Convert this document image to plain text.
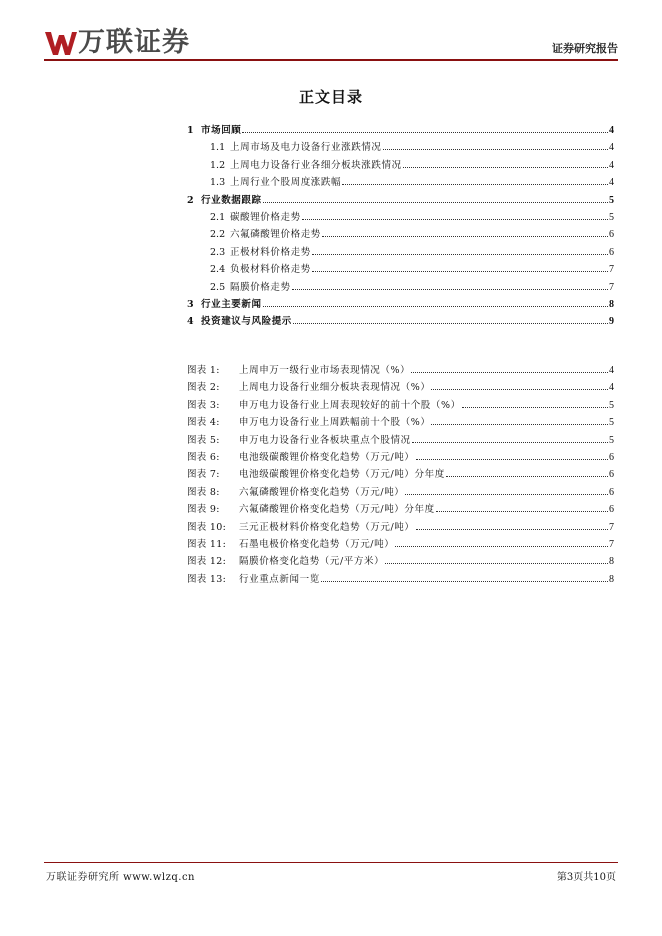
万联证券	证券研究报告
正文目录
1 市场回顾	4
1.1 上周市场及电力设备行业涨跌情况	4
1.2 上周电力设备行业各细分板块涨跌情况	4
1.3 上周行业个股周度涨跌幅	4
2 行业数据跟踪	5
2.1 碳酸锂价格走势	5
2.2 六氟磷酸锂价格走势	6
2.3 正极材料价格走势	6
2.4 负极材料价格走势	7
2.5 隔膜价格走势	7
3 行业主要新闻	8
4 投资建议与风险提示	9
图表 1:	上周申万一级行业市场表现情况（%）	4
图表 2:	上周电力设备行业细分板块表现情况（%）	4
图表 3:	申万电力设备行业上周表现较好的前十个股（%）	5
图表 4:	申万电力设备行业上周跌幅前十个股（%）	5
图表 5:	申万电力设备行业各板块重点个股情况	5
图表 6:	电池级碳酸锂价格变化趋势（万元/吨）	6
图表 7:	电池级碳酸锂价格变化趋势（万元/吨）分年度	6
图表 8:	六氟磷酸锂价格变化趋势（万元/吨）	6
图表 9:	六氟磷酸锂价格变化趋势（万元/吨）分年度	6
图表 10:	三元正极材料价格变化趋势（万元/吨）	7
图表 11:	石墨电极价格变化趋势（万元/吨）	7
图表 12:	隔膜价格变化趋势（元/平方米）	8
图表 13:	行业重点新闻一览	8
万联证券研究所 www.wlzq.cn	第3页共10页
